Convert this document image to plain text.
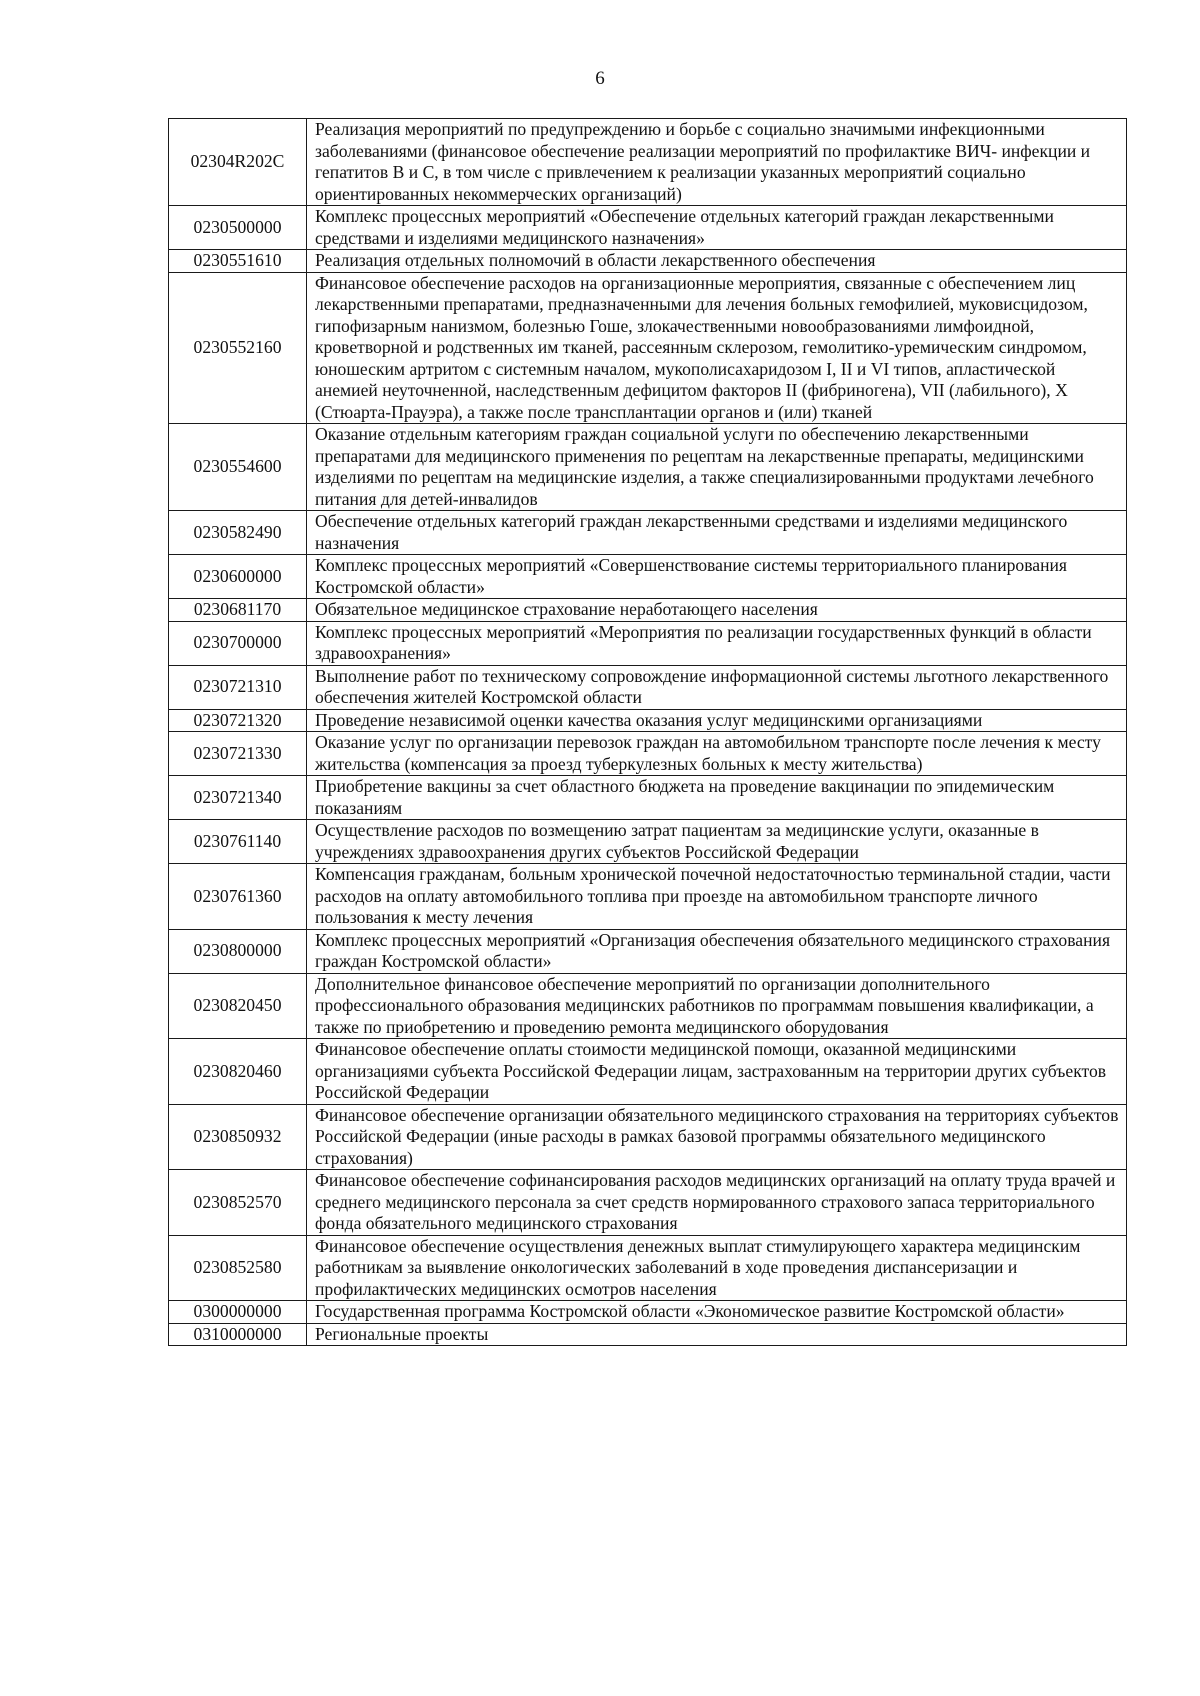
6
02304R202C	Реализация мероприятий по предупреждению и борьбе с социально значимыми инфекционными заболеваниями (финансовое обеспечение реализации мероприятий по профилактике ВИЧ- инфекции и гепатитов В и С, в том числе с привлечением к реализации указанных мероприятий социально ориентированных некоммерческих организаций)
0230500000	Комплекс процессных мероприятий «Обеспечение отдельных категорий граждан лекарственными средствами и изделиями медицинского назначения»
0230551610	Реализация отдельных полномочий в области лекарственного обеспечения
0230552160	Финансовое обеспечение расходов на организационные мероприятия, связанные с обеспечением лиц лекарственными препаратами, предназначенными для лечения больных гемофилией, муковисцидозом, гипофизарным нанизмом, болезнью Гоше, злокачественными новообразованиями лимфоидной, кроветворной и родственных им тканей, рассеянным склерозом, гемолитико-уремическим синдромом, юношеским артритом с системным началом, мукополисахаридозом I, II и VI типов, апластической анемией неуточненной, наследственным дефицитом факторов II (фибриногена), VII (лабильного), X (Стюарта-Прауэра), а также после трансплантации органов и (или) тканей
0230554600	Оказание отдельным категориям граждан социальной услуги по обеспечению лекарственными препаратами для медицинского применения по рецептам на лекарственные препараты, медицинскими изделиями по рецептам на медицинские изделия, а также специализированными продуктами лечебного питания для детей-инвалидов
0230582490	Обеспечение отдельных категорий граждан лекарственными средствами и изделиями медицинского назначения
0230600000	Комплекс процессных мероприятий «Совершенствование системы территориального планирования Костромской области»
0230681170	Обязательное медицинское страхование неработающего населения
0230700000	Комплекс процессных мероприятий «Мероприятия по реализации государственных функций в области здравоохранения»
0230721310	Выполнение работ по техническому сопровождение информационной системы льготного лекарственного обеспечения жителей Костромской области
0230721320	Проведение независимой оценки качества оказания услуг медицинскими организациями
0230721330	Оказание услуг по организации перевозок граждан на автомобильном транспорте после лечения к месту жительства (компенсация за проезд туберкулезных больных к месту жительства)
0230721340	Приобретение вакцины за счет областного бюджета на проведение вакцинации по эпидемическим показаниям
0230761140	Осуществление расходов по возмещению затрат пациентам за медицинские услуги, оказанные в учреждениях здравоохранения других субъектов Российской Федерации
0230761360	Компенсация гражданам, больным хронической почечной недостаточностью терминальной стадии, части расходов на оплату автомобильного топлива при проезде на автомобильном транспорте личного пользования к месту лечения
0230800000	Комплекс процессных мероприятий «Организация обеспечения обязательного медицинского страхования граждан Костромской области»
0230820450	Дополнительное финансовое обеспечение мероприятий по организации дополнительного профессионального образования медицинских работников по программам повышения квалификации, а также по приобретению и проведению ремонта медицинского оборудования
0230820460	Финансовое обеспечение оплаты стоимости медицинской помощи, оказанной медицинскими организациями субъекта Российской Федерации лицам, застрахованным на территории других субъектов Российской Федерации
0230850932	Финансовое обеспечение организации обязательного медицинского страхования на территориях субъектов Российской Федерации (иные расходы в рамках базовой программы обязательного медицинского страхования)
0230852570	Финансовое обеспечение софинансирования расходов медицинских организаций на оплату труда врачей и среднего медицинского персонала за счет средств нормированного страхового запаса территориального фонда обязательного медицинского страхования
0230852580	Финансовое обеспечение осуществления денежных выплат стимулирующего характера медицинским работникам за выявление онкологических заболеваний в ходе проведения диспансеризации и профилактических медицинских осмотров населения
0300000000	Государственная программа Костромской области «Экономическое развитие Костромской области»
0310000000	Региональные проекты
